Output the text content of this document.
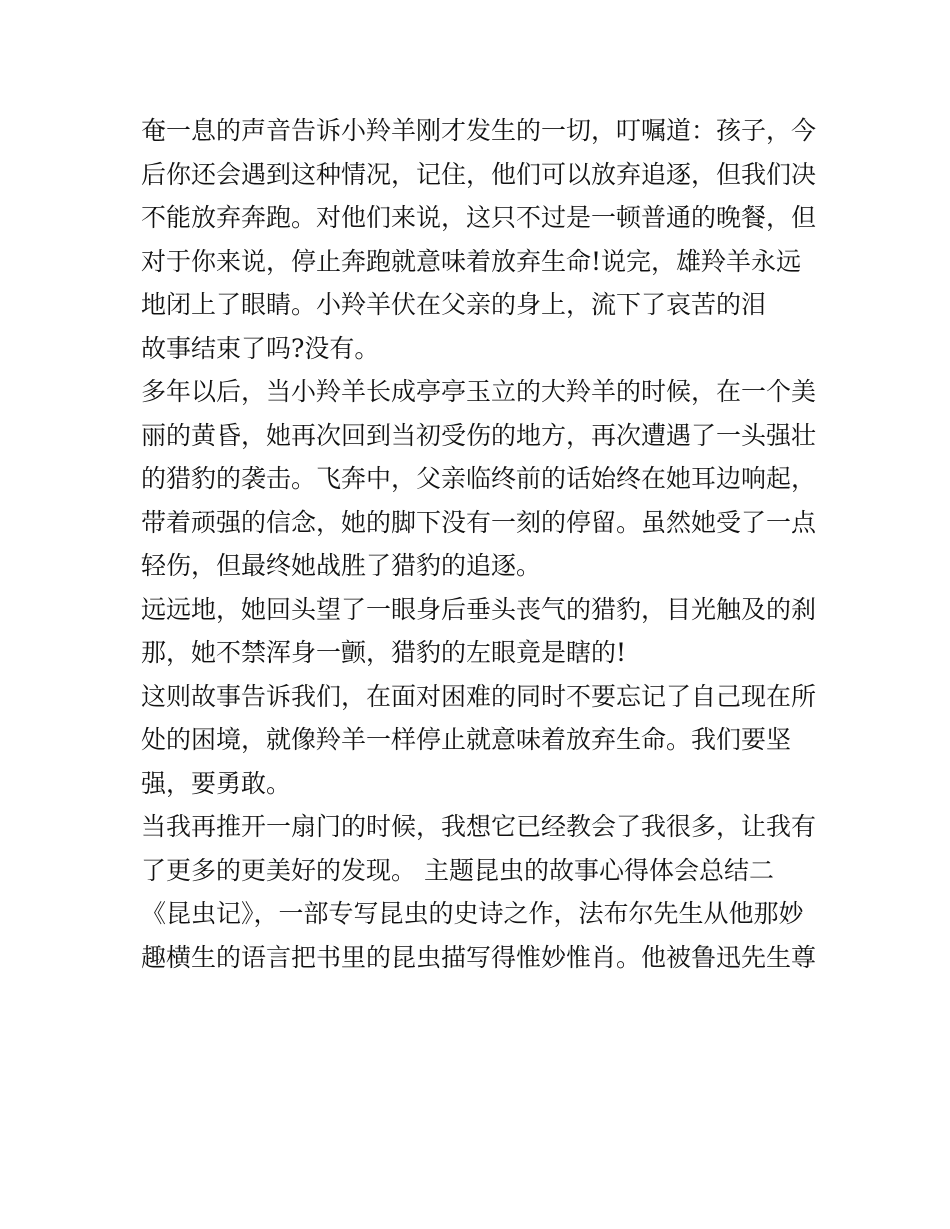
奄一息的声音告诉小羚羊刚才发生的一切，叮嘱道：孩子，今
后你还会遇到这种情况，记住，他们可以放弃追逐，但我们决
不能放弃奔跑。对他们来说，这只不过是一顿普通的晚餐，但
对于你来说，停止奔跑就意味着放弃生命!说完，雄羚羊永远
地闭上了眼睛。小羚羊伏在父亲的身上，流下了哀苦的泪
故事结束了吗?没有。
多年以后，当小羚羊长成亭亭玉立的大羚羊的时候，在一个美
丽的黄昏，她再次回到当初受伤的地方，再次遭遇了一头强壮
的猎豹的袭击。飞奔中，父亲临终前的话始终在她耳边响起，
带着顽强的信念，她的脚下没有一刻的停留。虽然她受了一点
轻伤，但最终她战胜了猎豹的追逐。
远远地，她回头望了一眼身后垂头丧气的猎豹，目光触及的刹
那，她不禁浑身一颤，猎豹的左眼竟是瞎的!
这则故事告诉我们，在面对困难的同时不要忘记了自己现在所
处的困境，就像羚羊一样停止就意味着放弃生命。我们要坚
强，要勇敢。
当我再推开一扇门的时候，我想它已经教会了我很多，让我有
了更多的更美好的发现。 主题昆虫的故事心得体会总结二
《昆虫记》，一部专写昆虫的史诗之作，法布尔先生从他那妙
趣横生的语言把书里的昆虫描写得惟妙惟肖。他被鲁迅先生尊
